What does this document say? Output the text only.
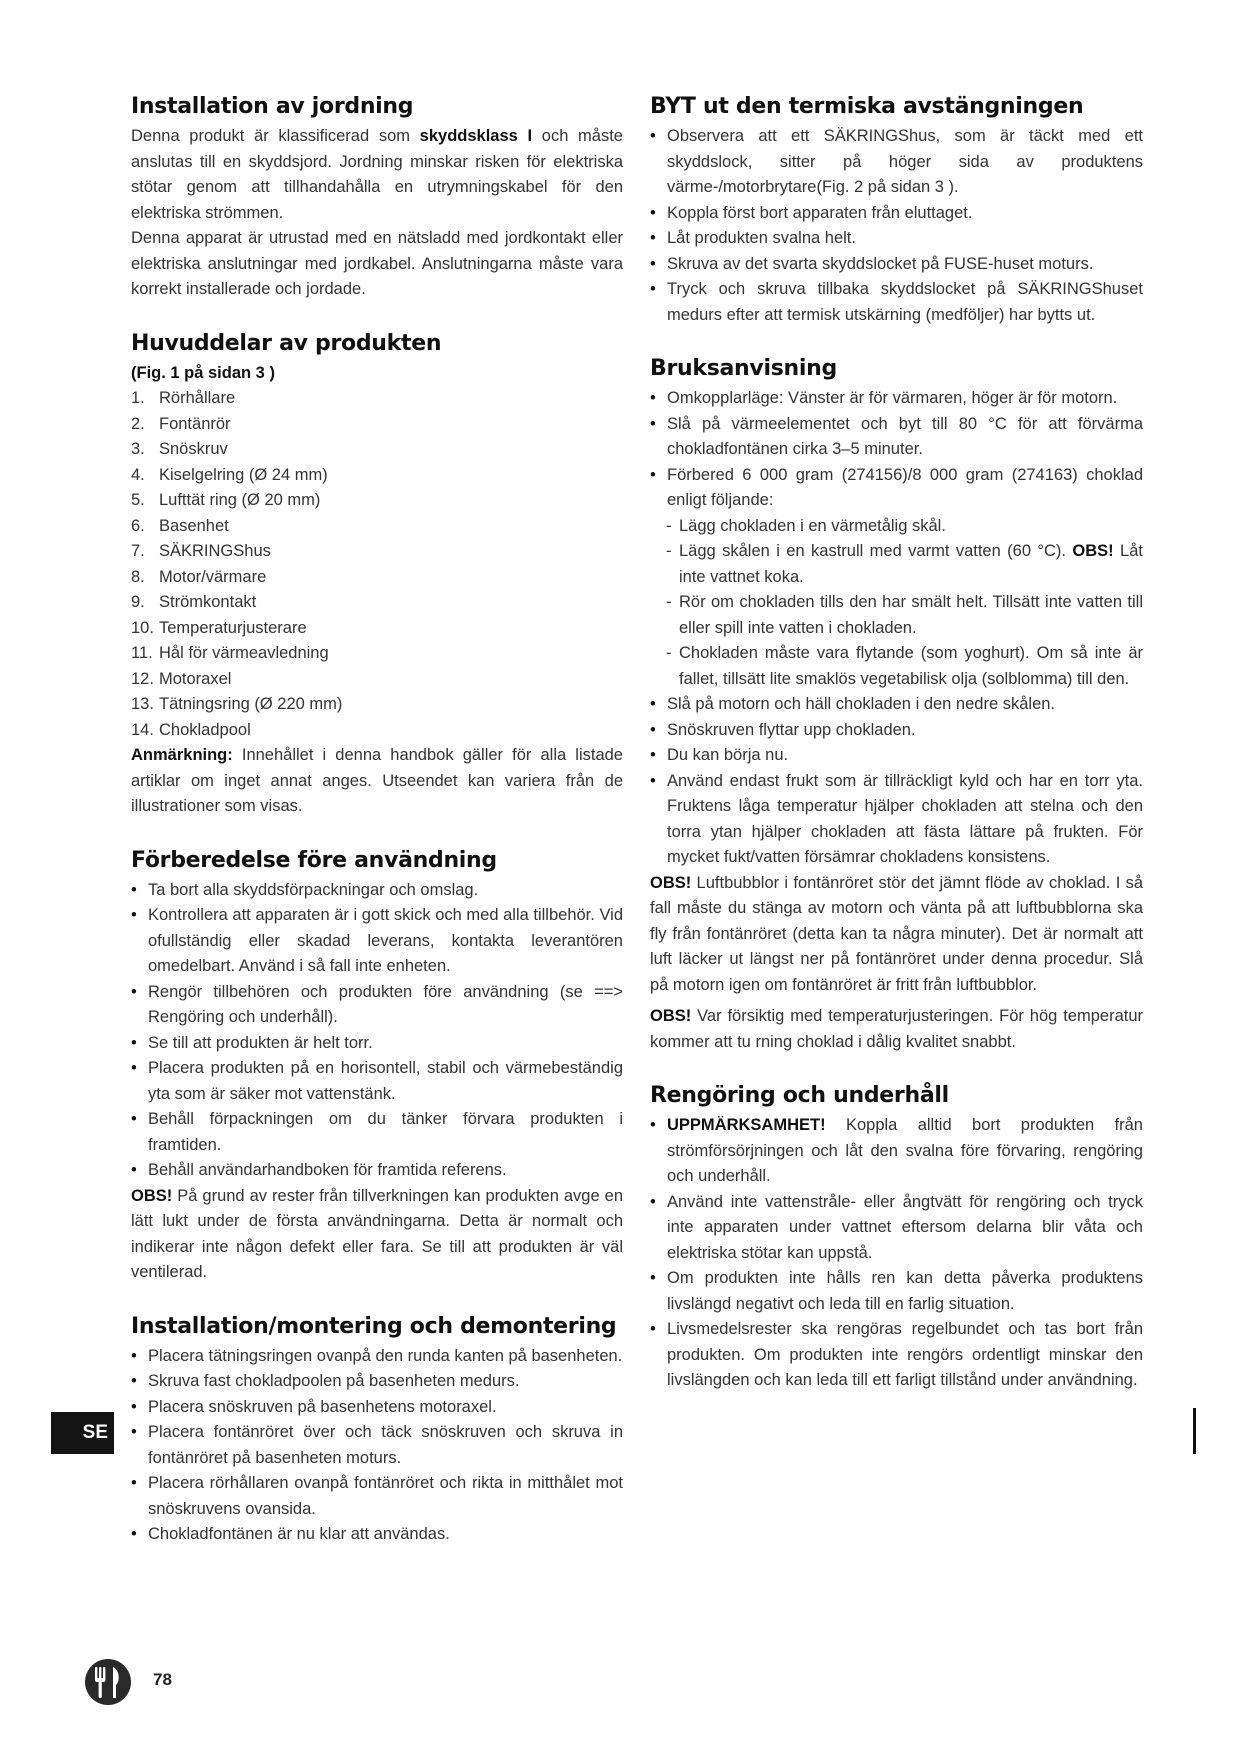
Installation av jordning

Denna produkt är klassificerad som skyddsklass I och måste anslutas till en skyddsjord. Jordning minskar risken för elektriska stötar genom att tillhandahålla en utrymningskabel för den elektriska strömmen.

Denna apparat är utrustad med en nätsladd med jordkontakt eller elektriska anslutningar med jordkabel. Anslutningarna måste vara korrekt installerade och jordade.

Huvuddelar av produkten
(Fig. 1 på sidan 3 )
1. Rörhållare
2. Fontänrör
3. Snöskruv
4. Kiselgelring (Ø 24 mm)
5. Lufttät ring (Ø 20 mm)
6. Basenhet
7. SÄKRINGShus
8. Motor/värmare
9. Strömkontakt
10. Temperaturjusterare
11. Hål för värmeavledning
12. Motoraxel
13. Tätningsring (Ø 220 mm)
14. Chokladpool

Anmärkning: Innehållet i denna handbok gäller för alla listade artiklar om inget annat anges. Utseendet kan variera från de illustrationer som visas.

Förberedelse före användning
• Ta bort alla skyddsförpackningar och omslag.
• Kontrollera att apparaten är i gott skick och med alla tillbehör. Vid ofullständig eller skadad leverans, kontakta leverantören omedelbart. Använd i så fall inte enheten.
• Rengör tillbehören och produkten före användning (se ==> Rengöring och underhåll).
• Se till att produkten är helt torr.
• Placera produkten på en horisontell, stabil och värmebeständig yta som är säker mot vattenstänk.
• Behåll förpackningen om du tänker förvara produkten i framtiden.
• Behåll användarhandboken för framtida referens.

OBS! På grund av rester från tillverkningen kan produkten avge en lätt lukt under de första användningarna. Detta är normalt och indikerar inte någon defekt eller fara. Se till att produkten är väl ventilerad.

Installation/montering och demontering
• Placera tätningsringen ovanpå den runda kanten på basenheten.
• Skruva fast chokladpoolen på basenheten medurs.
• Placera snöskruven på basenhetens motoraxel.
• Placera fontänröret över och täck snöskruven och skruva in fontänröret på basenheten moturs.
• Placera rörhållaren ovanpå fontänröret och rikta in mitthålet mot snöskruvens ovansida.
• Chokladfontänen är nu klar att användas.
BYT ut den termiska avstängningen
• Observera att ett SÄKRINGShus, som är täckt med ett skyddslock, sitter på höger sida av produktens värme-/motorbrytare(Fig. 2 på sidan 3 ).
• Koppla först bort apparaten från eluttaget.
• Låt produkten svalna helt.
• Skruva av det svarta skyddslocket på FUSE-huset moturs.
• Tryck och skruva tillbaka skyddslocket på SÄKRINGShuset medurs efter att termisk utskärning (medföljer) har bytts ut.
Bruksanvisning
• Omkopplarläge: Vänster är för värmaren, höger är för motorn.
• Slå på värmeelementet och byt till 80 °C för att förvärma chokladfontänen cirka 3–5 minuter.
• Förbered 6 000 gram (274156)/8 000 gram (274163) choklad enligt följande:
- Lägg chokladen i en värmetålig skål.
- Lägg skålen i en kastrull med varmt vatten (60 °C). OBS! Låt inte vattnet koka.
- Rör om chokladen tills den har smält helt. Tillsätt inte vatten till eller spill inte vatten i chokladen.
- Chokladen måste vara flytande (som yoghurt). Om så inte är fallet, tillsätt lite smaklös vegetabilisk olja (solblomma) till den.
• Slå på motorn och häll chokladen i den nedre skålen.
• Snöskruven flyttar upp chokladen.
• Du kan börja nu.
• Använd endast frukt som är tillräckligt kyld och har en torr yta. Fruktens låga temperatur hjälper chokladen att stelna och den torra ytan hjälper chokladen att fästa lättare på frukten. För mycket fukt/vatten försämrar chokladens konsistens.

OBS! Luftbubblor i fontänröret stör det jämnt flöde av choklad. I så fall måste du stänga av motorn och vänta på att luftbubblorna ska fly från fontänröret (detta kan ta några minuter). Det är normalt att luft läcker ut längst ner på fontänröret under denna procedur. Slå på motorn igen om fontänröret är fritt från luftbubblor.

OBS! Var försiktig med temperaturjusteringen. För hög temperatur kommer att tu rning choklad i dålig kvalitet snabbt.

Rengöring och underhåll
• UPPMÄRKSAMHET! Koppla alltid bort produkten från strömförsörjningen och låt den svalna före förvaring, rengöring och underhåll.
• Använd inte vattenstråle- eller ångtvätt för rengöring och tryck inte apparaten under vattnet eftersom delarna blir våta och elektriska stötar kan uppstå.
• Om produkten inte hålls ren kan detta påverka produktens livslängd negativt och leda till en farlig situation.
• Livsmedelsrester ska rengöras regelbundet och tas bort från produkten. Om produkten inte rengörs ordentligt minskar den livslängden och kan leda till ett farligt tillstånd under användning.
SE
78
